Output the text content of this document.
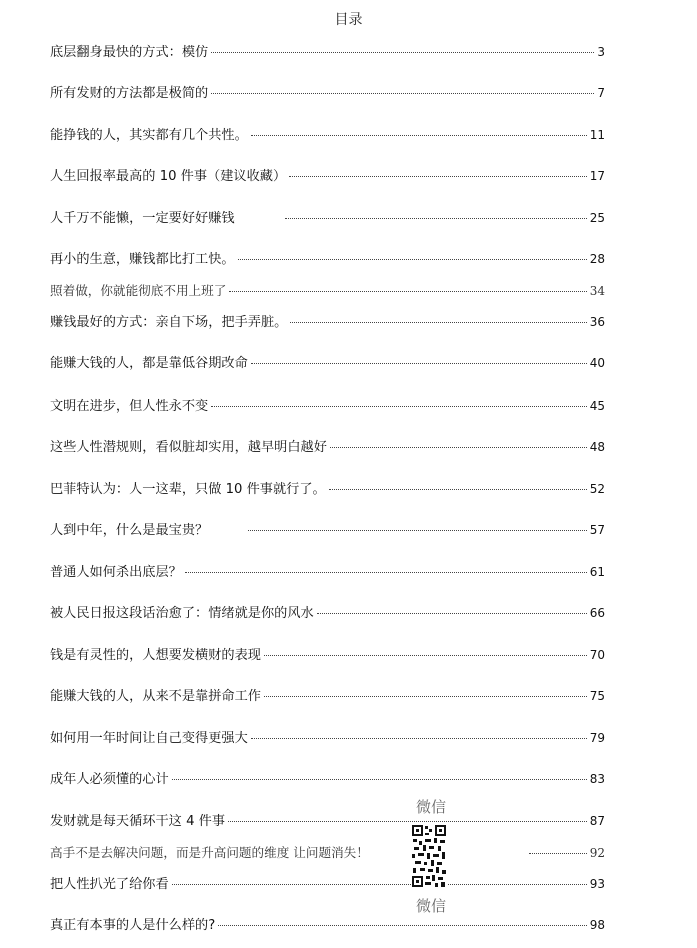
目录
底层翻身最快的方式：模仿	3
所有发财的方法都是极简的	7
能挣钱的人，其实都有几个共性。	11
人生回报率最高的 10 件事（建议收藏）	17
人千万不能懒，一定要好好赚钱	25
再小的生意，赚钱都比打工快。	28
照着做，你就能彻底不用上班了	34
赚钱最好的方式：亲自下场，把手弄脏。	36
能赚大钱的人，都是靠低谷期改命	40
文明在进步，但人性永不变	45
这些人性潜规则，看似脏却实用，越早明白越好	48
巴菲特认为：人一这辈，只做 10 件事就行了。	52
人到中年，什么是最宝贵？	57
普通人如何杀出底层？	61
被人民日报这段话治愈了：情绪就是你的风水	66
钱是有灵性的，人想要发横财的表现	70
能赚大钱的人，从来不是靠拼命工作	75
如何用一年时间让自己变得更强大	79
成年人必须懂的心计	83
发财就是每天循环干这 4 件事	87
高手不是去解决问题，而是升高问题的维度 让问题消失！	92
把人性扒光了给你看	93
真正有本事的人是什么样的?	98
微信
微信
